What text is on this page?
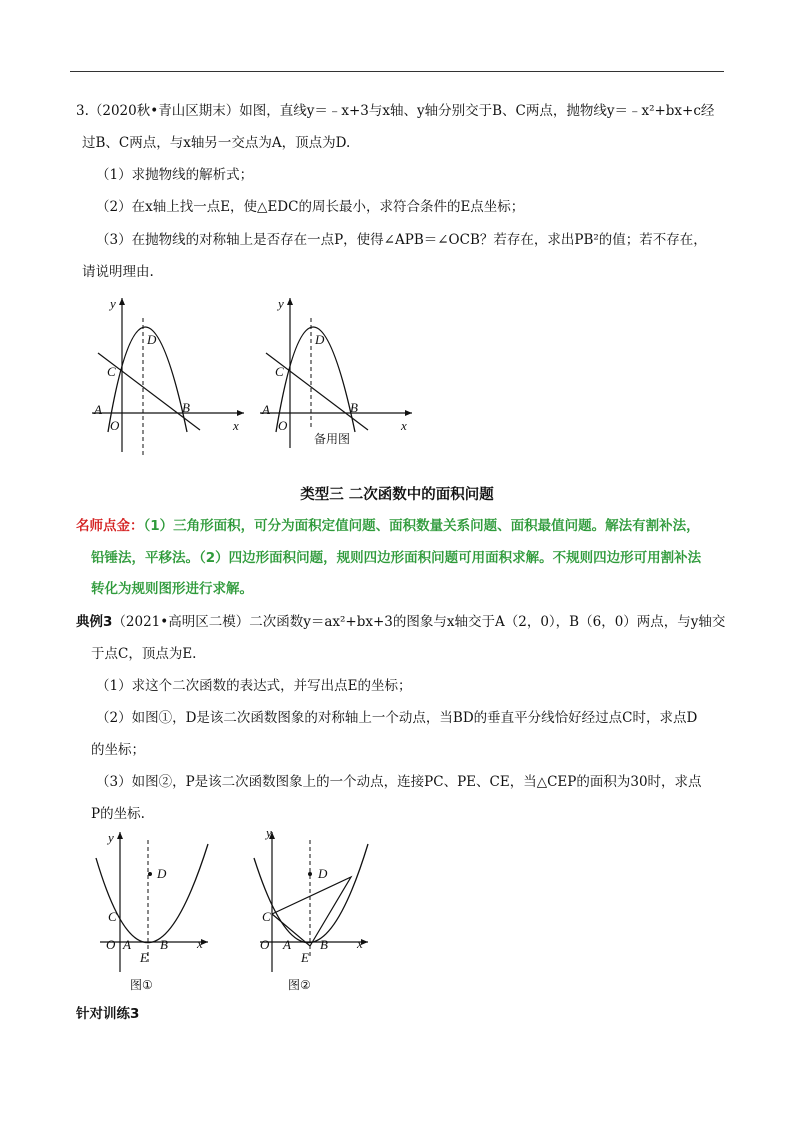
3.（2020秋•青山区期末）如图，直线y＝﹣x+3与x轴、y轴分别交于B、C两点，抛物线y＝﹣x²+bx+c经
过B、C两点，与x轴另一交点为A，顶点为D.
（1）求抛物线的解析式；
（2）在x轴上找一点E，使△EDC的周长最小，求符合条件的E点坐标；
（3）在抛物线的对称轴上是否存在一点P，使得∠APB＝∠OCB？若存在，求出PB²的值；若不存在，
请说明理由.
y
x
O
A	B
C
D
y
x
O
A	B
C
D
备用图
类型三 二次函数中的面积问题
名师点金：（1）三角形面积，可分为面积定值问题、面积数量关系问题、面积最值问题。解法有割补法，
铅锤法，平移法。（2）四边形面积问题，规则四边形面积问题可用面积求解。不规则四边形可用割补法
转化为规则图形进行求解。
典例3（2021•高明区二模）二次函数y＝ax²+bx+3的图象与x轴交于A（2，0），B（6，0）两点，与y轴交
于点C，顶点为E.
（1）求这个二次函数的表达式，并写出点E的坐标；
（2）如图①，D是该二次函数图象的对称轴上一个动点，当BD的垂直平分线恰好经过点C时，求点D
的坐标；
（3）如图②，P是该二次函数图象上的一个动点，连接PC、PE、CE，当△CEP的面积为30时，求点
P的坐标.
y
x
O A B
C
D
E
图①
y
x
O A B
C
D
E
图②
针对训练3
